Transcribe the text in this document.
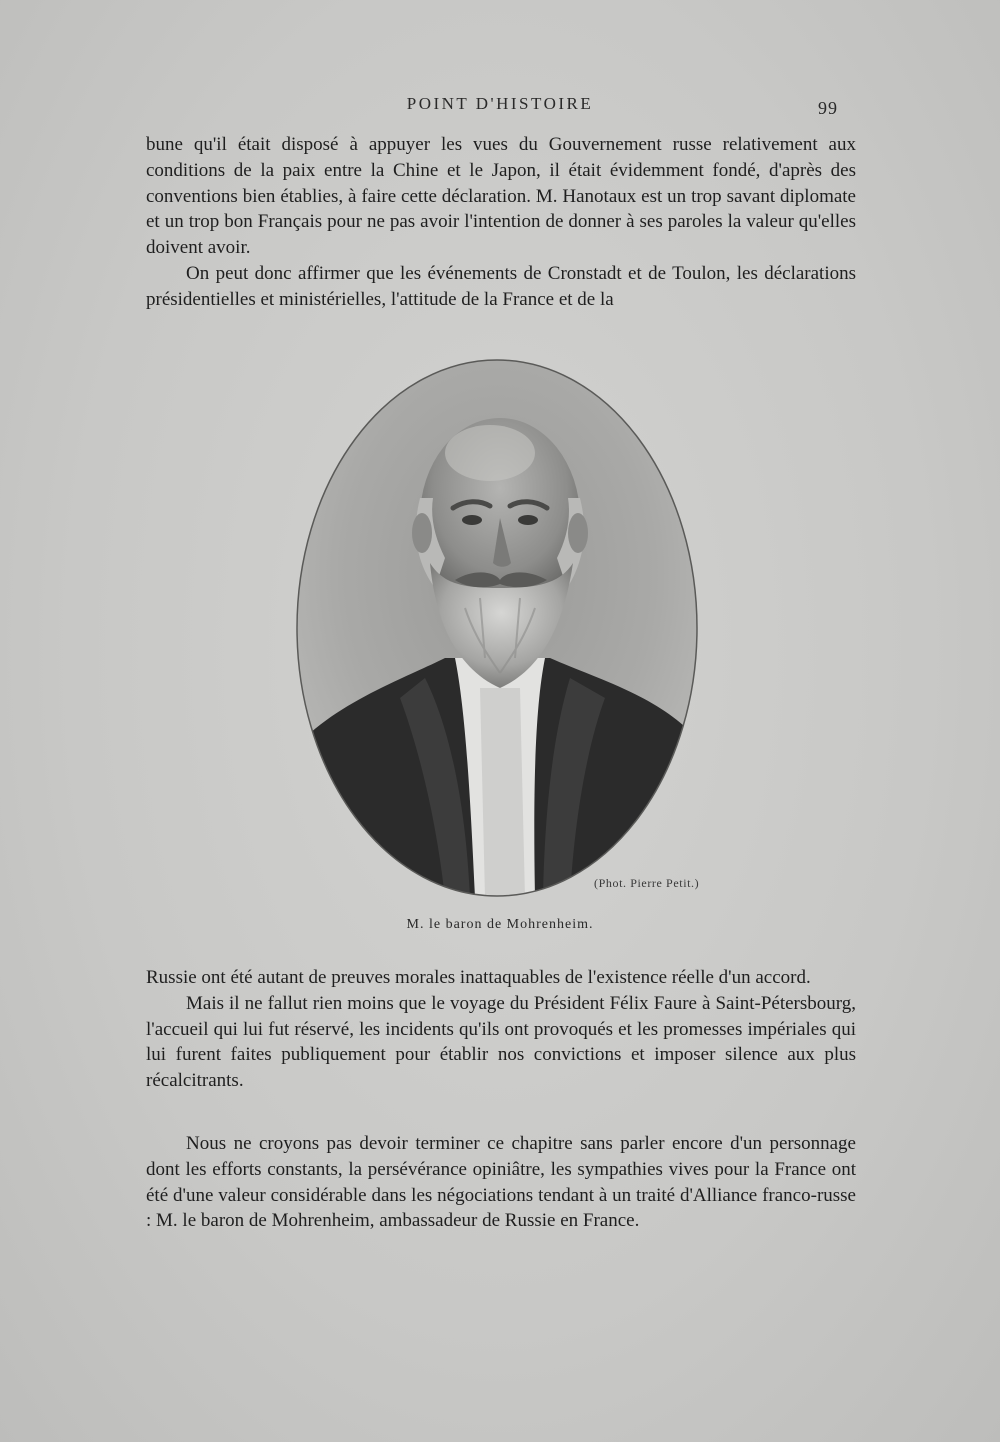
POINT D'HISTOIRE	99

bune qu'il était disposé à appuyer les vues du Gouvernement russe relativement aux conditions de la paix entre la Chine et le Japon, il était évidemment fondé, d'après des conventions bien établies, à faire cette déclaration. M. Hanotaux est un trop savant diplomate et un trop bon Français pour ne pas avoir l'intention de donner à ses paroles la valeur qu'elles doivent avoir.

On peut donc affirmer que les événements de Cronstadt et de Toulon, les déclarations présidentielles et ministérielles, l'attitude de la France et de la

(Phot. Pierre Petit.)
M. le baron de Mohrenheim.

Russie ont été autant de preuves morales inattaquables de l'existence réelle d'un accord.

Mais il ne fallut rien moins que le voyage du Président Félix Faure à Saint-Pétersbourg, l'accueil qui lui fut réservé, les incidents qu'ils ont provoqués et les promesses impériales qui lui furent faites publiquement pour établir nos convictions et imposer silence aux plus récalcitrants.

Nous ne croyons pas devoir terminer ce chapitre sans parler encore d'un personnage dont les efforts constants, la persévérance opiniâtre, les sympathies vives pour la France ont été d'une valeur considérable dans les négociations tendant à un traité d'Alliance franco-russe : M. le baron de Mohrenheim, ambassadeur de Russie en France.
